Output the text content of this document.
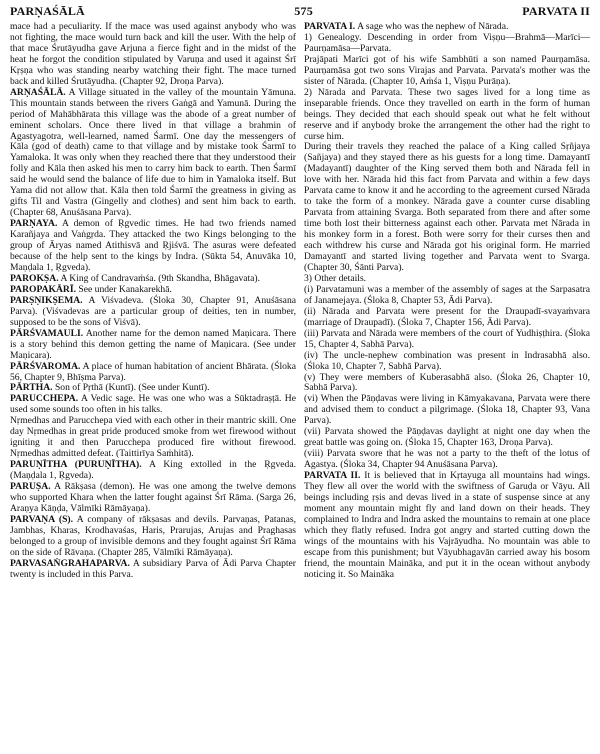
PARṆAŚĀLĀ	575	PARVATA II

mace had a peculiarity. If the mace was used against anybody who was not fighting, the mace would turn back and kill the user. With the help of that mace Śrutāyudha gave Arjuna a fierce fight and in the midst of the heat he forgot the condition stipulated by Varuṇa and used it against Śrī Kṛṣṇa who was standing nearby watching their fight. The mace turned back and killed Śrutāyudha. (Chapter 92, Droṇa Parva).

ARṆAŚĀLĀ. A Village situated in the valley of the mountain Yāmuna. This mountain stands between the rivers Gaṅgā and Yamunā. During the period of Mahābhārata this village was the abode of a great number of eminent scholars. Once there lived in that village a brahmin of Agastyagotra, well-learned, named Śarmī. One day the messengers of Kāla (god of death) came to that village and by mistake took Śarmī to Yamaloka. It was only when they reached there that they understood their folly and Kāla then asked his men to carry him back to earth. Then Śarmī said he would send the balance of life due to him in Yamaloka itself. But Yama did not allow that. Kāla then told Śarmī the greatness in giving as gifts Til and Vastra (Gingelly and clothes) and sent him back to earth. (Chapter 68, Anuśāsana Parva).

PARṆAYA. A demon of Ṛgvedic times. He had two friends named Karañjaya and Vaṅgṛda. They attacked the two Kings belonging to the group of Āryas named Atithisvā and Ṛjiśvā. The asuras were defeated because of the help sent to the kings by Indra. (Sūkta 54, Anuvāka 10, Maṇḍala 1, Ṛgveda).

PAROKṢA. A King of Candravaṁśa. (9th Skandha, Bhāgavata).

PAROPAKĀRĪ. See under Kanakarekhā.

PARṢṆIKṢEMA. A Viśvadeva. (Śloka 30, Chapter 91, Anuśāsana Parva). (Viśvadevas are a particular group of deities, ten in number, supposed to be the sons of Viśvā).

PĀRŚVAMAULI. Another name for the demon named Maṇicara. There is a story behind this demon getting the name of Maṇicara. (See under Maṇicara).

PĀRŚVAROMA. A place of human habitation of ancient Bhārata. (Śloka 56, Chapter 9, Bhīṣma Parva).

PĀRTHA. Son of Pṛthā (Kuntī). (See under Kuntī).

PARUCCHEPA. A Vedic sage. He was one who was a Sūktadraṣṭā. He used some sounds too often in his talks.

Nṛmedhas and Parucchepa vied with each other in their mantric skill. One day Nṛmedhas in great pride produced smoke from wet firewood without igniting it and then Parucchepa produced fire without firewood. Nṛmedhas admitted defeat. (Taittirīya Saṁhitā).

PARUṆĪTHA (PURUṆĪTHA). A King extolled in the Ṛgveda. (Maṇḍala 1, Ṛgveda).

PARUṢA. A Rākṣasa (demon). He was one among the twelve demons who supported Khara when the latter fought against Śrī Rāma. (Sarga 26, Araṇya Kāṇḍa, Vālmīki Rāmāyaṇa).

PARVAṆA (S). A company of rākṣasas and devils. Parvaṇas, Patanas, Jambhas, Kharas, Krodhavaśas, Haris, Prarujas, Arujas and Praghasas belonged to a group of invisible demons and they fought against Śrī Rāma on the side of Rāvaṇa. (Chapter 285, Vālmīki Rāmāyaṇa).

PARVASAṄGRAHAPARVA. A subsidiary Parva of Ādi Parva Chapter twenty is included in this Parva.

PARVATA I. A sage who was the nephew of Nārada.

1) Genealogy. Descending in order from Viṣṇu—Brahmā—Marīci—Paurṇamāsa—Parvata.

Prajāpati Marīci got of his wife Sambhūti a son named Paurṇamāsa. Paurṇamāsa got two sons Virajas and Parvata. Parvata's mother was the sister of Nārada. (Chapter 10, Aṁśa 1, Viṣṇu Purāṇa).

2) Nārada and Parvata. These two sages lived for a long time as inseparable friends. Once they travelled on earth in the form of human beings. They decided that each should speak out what he felt without reserve and if anybody broke the arrangement the other had the right to curse him.

During their travels they reached the palace of a King called Sṛñjaya (Sañjaya) and they stayed there as his guests for a long time. Damayantī (Madayantī) daughter of the King served them both and Nārada fell in love with her. Nārada hid this fact from Parvata and within a few days Parvata came to know it and he according to the agreement cursed Nārada to take the form of a monkey. Nārada gave a counter curse disabling Parvata from attaining Svarga. Both separated from there and after some time both lost their bitterness against each other. Parvata met Nārada in his monkey form in a forest. Both were sorry for their curses then and each withdrew his curse and Nārada got his original form. He married Damayantī and started living together and Parvata went to Svarga. (Chapter 30, Śānti Parva).

3) Other details.

(i) Parvatamuni was a member of the assembly of sages at the Sarpasatra of Janamejaya. (Śloka 8, Chapter 53, Ādi Parva).

(ii) Nārada and Parvata were present for the Draupadī-svayaṁvara (marriage of Draupadī). (Śloka 7, Chapter 156, Ādi Parva).

(iii) Parvata and Nārada were members of the court of Yudhiṣṭhira. (Śloka 15, Chapter 4, Sabhā Parva).

(iv) The uncle-nephew combination was present in Indrasabhā also. (Śloka 10, Chapter 7, Sabhā Parva).

(v) They were members of Kuberasabhā also. (Śloka 26, Chapter 10, Sabhā Parva).

(vi) When the Pāṇḍavas were living in Kāmyakavana, Parvata were there and advised them to conduct a pilgrimage. (Śloka 18, Chapter 93, Vana Parva).

(vii) Parvata showed the Pāṇḍavas daylight at night one day when the great battle was going on. (Śloka 15, Chapter 163, Droṇa Parva).

(viii) Parvata swore that he was not a party to the theft of the lotus of Agastya. (Śloka 34, Chapter 94 Anuśāsana Parva).

PARVATA II. It is believed that in Kṛtayuga all mountains had wings. They flew all over the world with the swiftness of Garuḍa or Vāyu. All beings including ṛṣis and devas lived in a state of suspense since at any moment any mountain might fly and land down on their heads. They complained to Indra and Indra asked the mountains to remain at one place which they flatly refused. Indra got angry and started cutting down the wings of the mountains with his Vajrāyudha. No mountain was able to escape from this punishment; but Vāyubhagavān carried away his bosom friend, the mountain Maināka, and put it in the ocean without anybody noticing it. So Maināka
